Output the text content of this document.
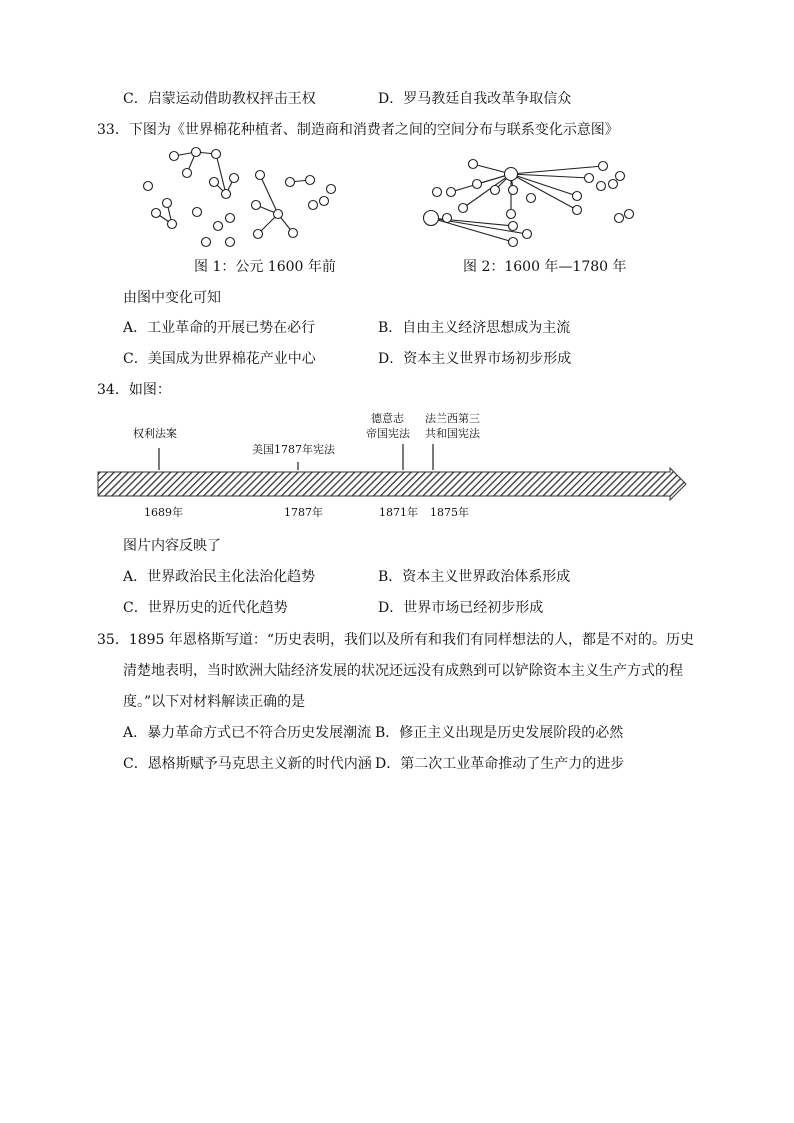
C．启蒙运动借助教权抨击王权	D．罗马教廷自我改革争取信众
33．下图为《世界棉花种植者、制造商和消费者之间的空间分布与联系变化示意图》
图 1：公元 1600 年前	图 2：1600 年—1780 年
由图中变化可知
A．工业革命的开展已势在必行	B．自由主义经济思想成为主流
C．美国成为世界棉花产业中心	D．资本主义世界市场初步形成
34．如图：
权利法案
美国1787年宪法
德意志
帝国宪法
法兰西第三
共和国宪法
1689年	1787年	1871年 1875年
图片内容反映了
A．世界政治民主化法治化趋势	B．资本主义世界政治体系形成
C．世界历史的近代化趋势	D．世界市场已经初步形成
35．1895 年恩格斯写道：“历史表明，我们以及所有和我们有同样想法的人，都是不对的。历史
清楚地表明，当时欧洲大陆经济发展的状况还远没有成熟到可以铲除资本主义生产方式的程
度。”以下对材料解读正确的是
A．暴力革命方式已不符合历史发展潮流 B．修正主义出现是历史发展阶段的必然
C．恩格斯赋予马克思主义新的时代内涵 D．第二次工业革命推动了生产力的进步
